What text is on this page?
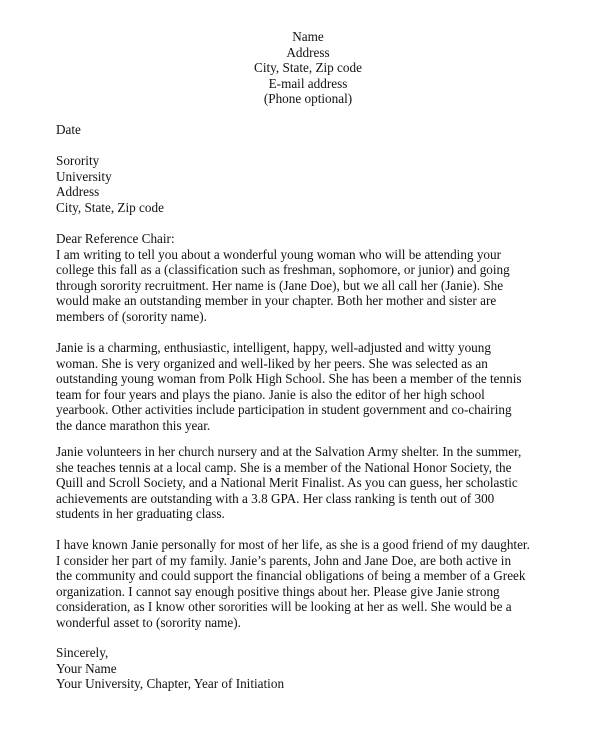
Name
Address
City, State, Zip code
E-mail address
(Phone optional)
Date
Sorority
University
Address
City, State, Zip code
Dear Reference Chair:
I am writing to tell you about a wonderful young woman who will be attending your
college this fall as a (classification such as freshman, sophomore, or junior) and going
through sorority recruitment. Her name is (Jane Doe), but we all call her (Janie). She
would make an outstanding member in your chapter. Both her mother and sister are
members of (sorority name).
Janie is a charming, enthusiastic, intelligent, happy, well-adjusted and witty young
woman. She is very organized and well-liked by her peers. She was selected as an
outstanding young woman from Polk High School. She has been a member of the tennis
team for four years and plays the piano. Janie is also the editor of her high school
yearbook. Other activities include participation in student government and co-chairing
the dance marathon this year.
Janie volunteers in her church nursery and at the Salvation Army shelter. In the summer,
she teaches tennis at a local camp. She is a member of the National Honor Society, the
Quill and Scroll Society, and a National Merit Finalist. As you can guess, her scholastic
achievements are outstanding with a 3.8 GPA. Her class ranking is tenth out of 300
students in her graduating class.
I have known Janie personally for most of her life, as she is a good friend of my daughter.
I consider her part of my family. Janie’s parents, John and Jane Doe, are both active in
the community and could support the financial obligations of being a member of a Greek
organization. I cannot say enough positive things about her. Please give Janie strong
consideration, as I know other sororities will be looking at her as well. She would be a
wonderful asset to (sorority name).
Sincerely,
Your Name
Your University, Chapter, Year of Initiation
